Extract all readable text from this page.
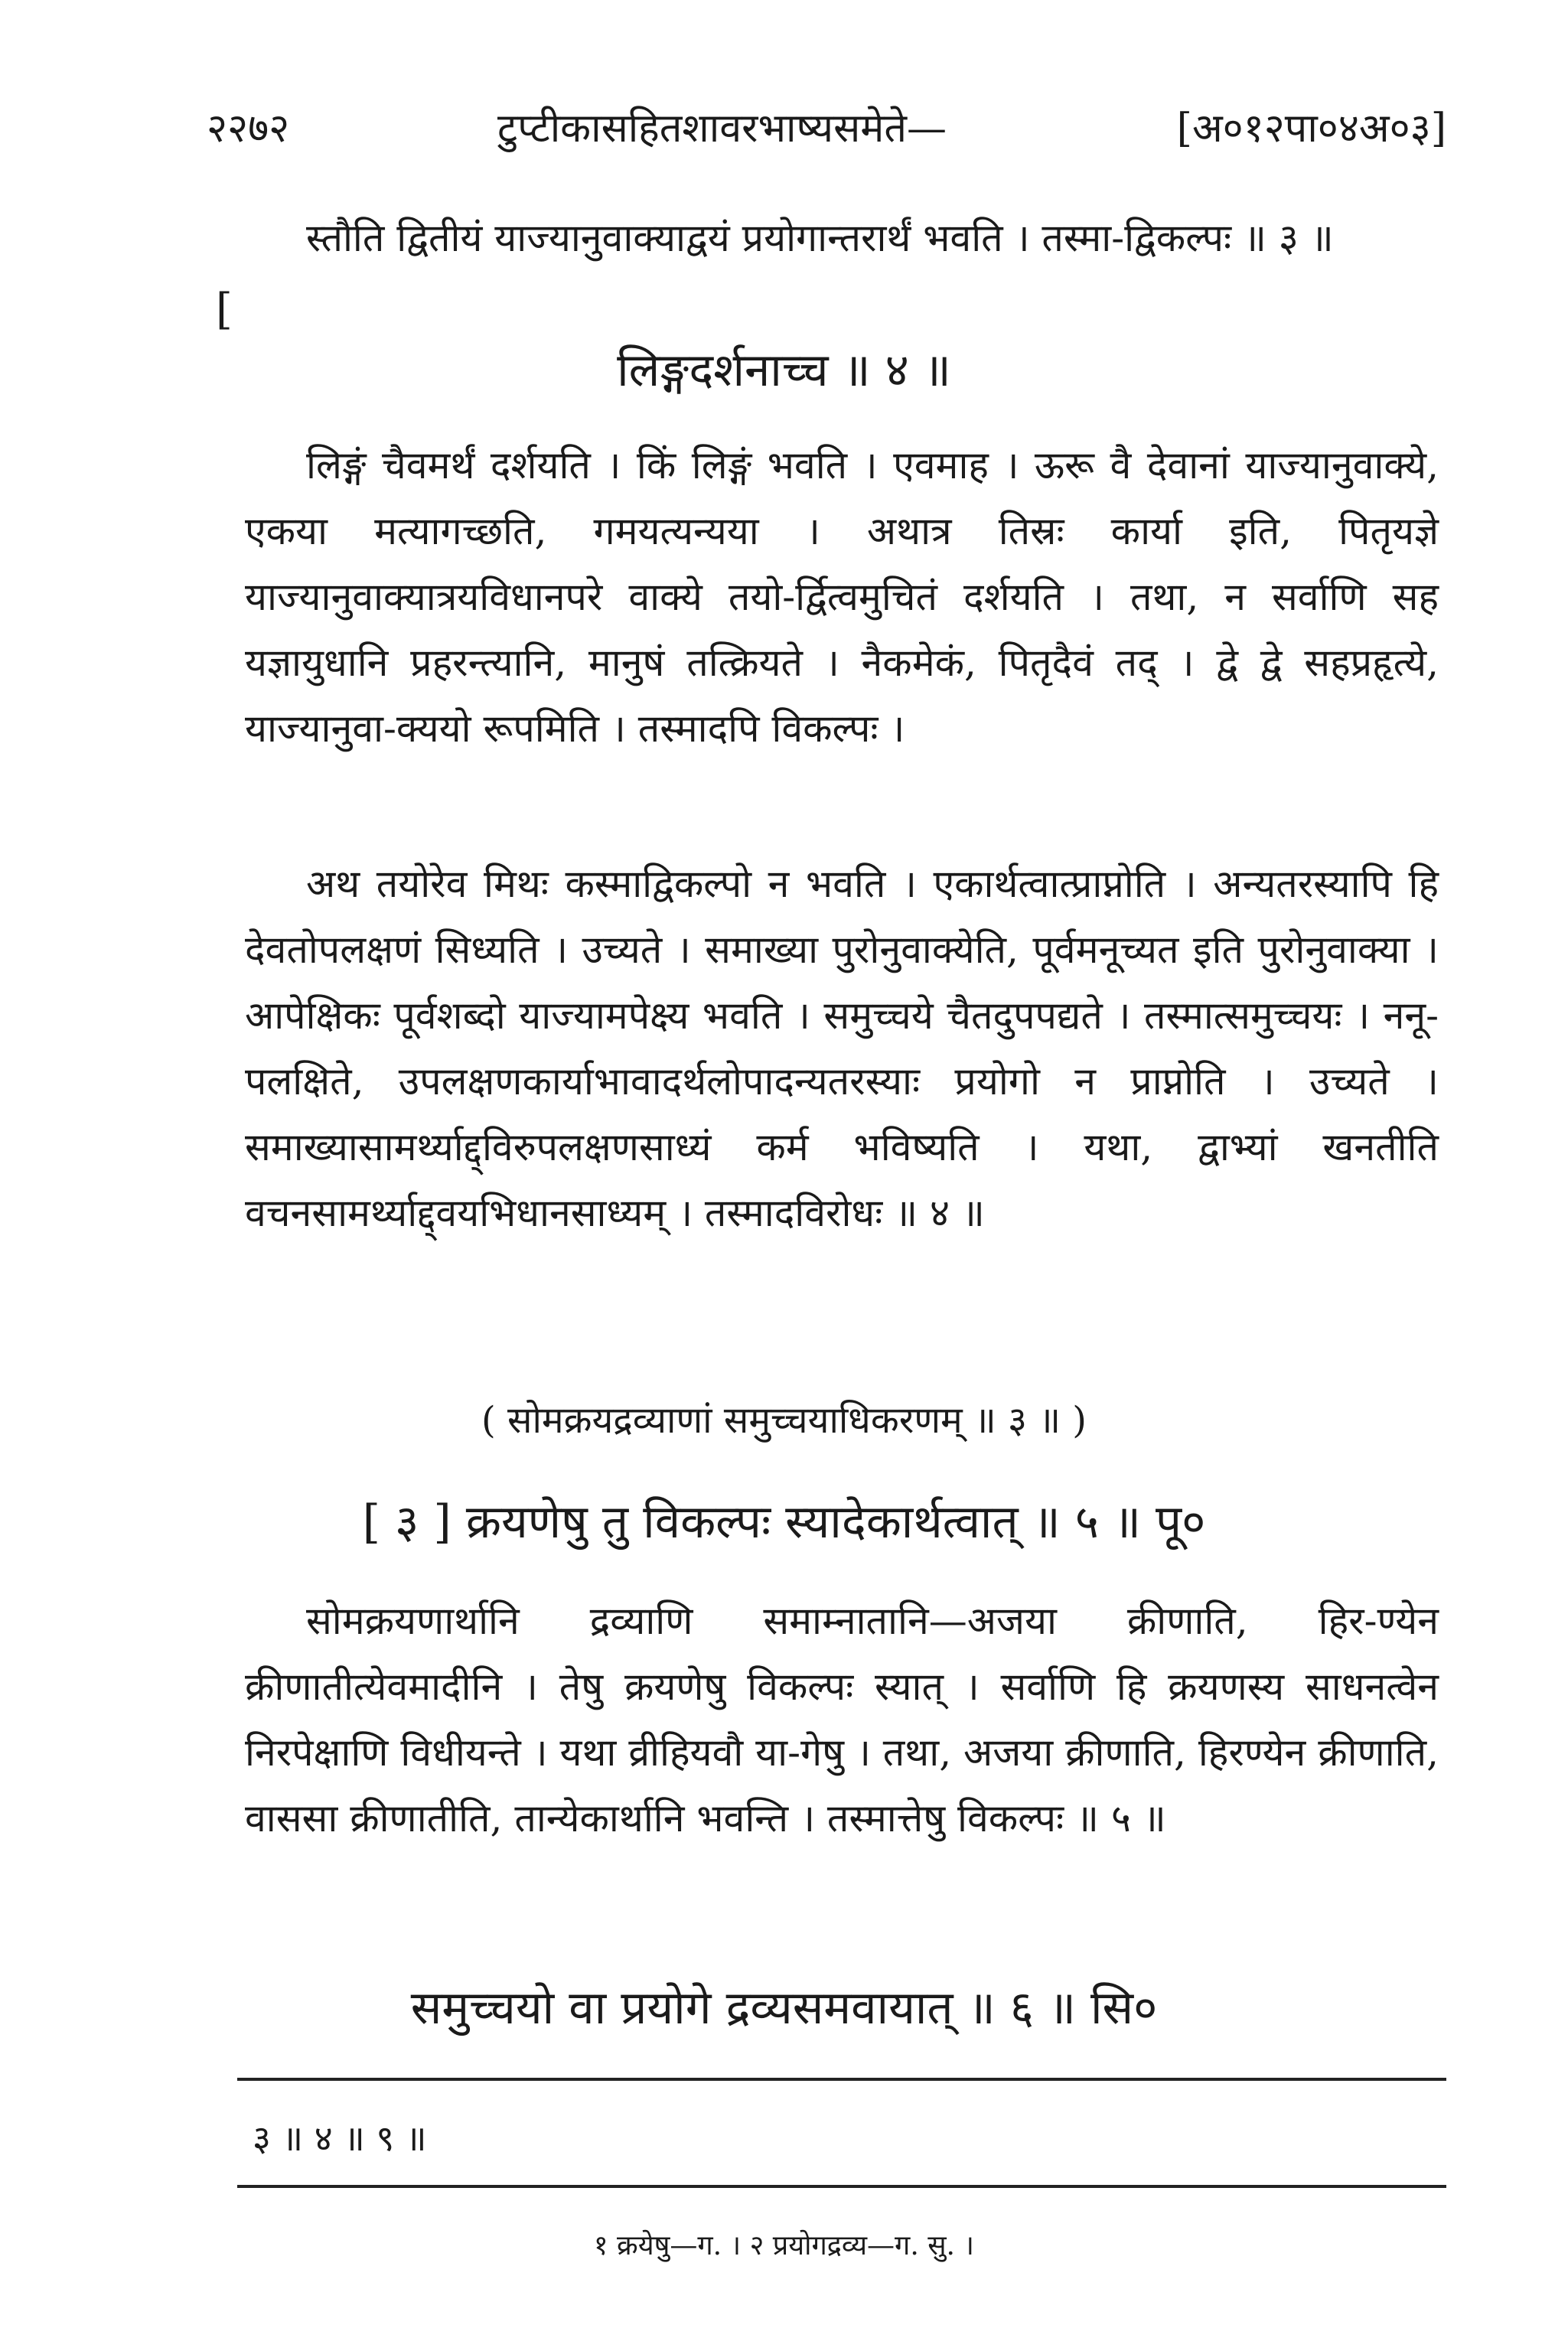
२२७२	टुप्टीकासहितशावरभाष्यसमेते—	[अ०१२पा०४अ०३]
[

स्तौति द्वितीयं याज्यानुवाक्याद्वयं प्रयोगान्तरार्थं भवति । तस्मा-द्विकल्पः ॥ ३ ॥

लिङ्गदर्शनाच्च ॥ ४ ॥

लिङ्गं चैवमर्थं दर्शयति । किं लिङ्गं भवति । एवमाह । ऊरू वै देवानां याज्यानुवाक्ये, एकया मत्यागच्छति, गमयत्यन्यया । अथात्र तिस्रः कार्या इति, पितृयज्ञे याज्यानुवाक्यात्रयविधानपरे वाक्ये तयो-र्द्वित्वमुचितं दर्शयति । तथा, न सर्वाणि सह यज्ञायुधानि प्रहरन्त्यानि, मानुषं तत्क्रियते । नैकमेकं, पितृदैवं तद् । द्वे द्वे सहप्रहृत्ये, याज्यानुवा-क्ययो रूपमिति । तस्मादपि विकल्पः ।

अथ तयोरेव मिथः कस्माद्विकल्पो न भवति । एकार्थत्वात्प्राप्नोति । अन्यतरस्यापि हि देवतोपलक्षणं सिध्यति । उच्यते । समाख्या पुरोनुवाक्येति, पूर्वमनूच्यत इति पुरोनुवाक्या । आपेक्षिकः पूर्वशब्दो याज्यामपेक्ष्य भवति । समुच्चये चैतदुपपद्यते । तस्मात्समुच्चयः । ननू-पलक्षिते, उपलक्षणकार्याभावादर्थलोपादन्यतरस्याः प्रयोगो न प्राप्नोति । उच्यते । समाख्यासामर्थ्याद्द्विरुपलक्षणसाध्यं कर्म भविष्यति । यथा, द्वाभ्यां खनतीति वचनसामर्थ्याद्द्वयभिधानसाध्यम् । तस्मादविरोधः ॥ ४ ॥

( सोमक्रयद्रव्याणां समुच्चयाधिकरणम् ॥ ३ ॥ )
[ ३ ] क्रयणेषु तु विकल्पः स्यादेकार्थत्वात् ॥ ५ ॥ पू०

सोमक्रयणार्थानि द्रव्याणि समाम्नातानि—अजया क्रीणाति, हिर-ण्येन क्रीणातीत्येवमादीनि । तेषु क्रयणेषु विकल्पः स्यात् । सर्वाणि हि क्रयणस्य साधनत्वेन निरपेक्षाणि विधीयन्ते । यथा व्रीहियवौ या-गेषु । तथा, अजया क्रीणाति, हिरण्येन क्रीणाति, वाससा क्रीणातीति, तान्येकार्थानि भवन्ति । तस्मात्तेषु विकल्पः ॥ ५ ॥

समुच्चयो वा प्रयोगे द्रव्यसमवायात् ॥ ६ ॥ सि०
३ ॥ ४ ॥ ९ ॥
१ क्रयेषु—ग. । २ प्रयोगद्रव्य—ग. सु. ।
